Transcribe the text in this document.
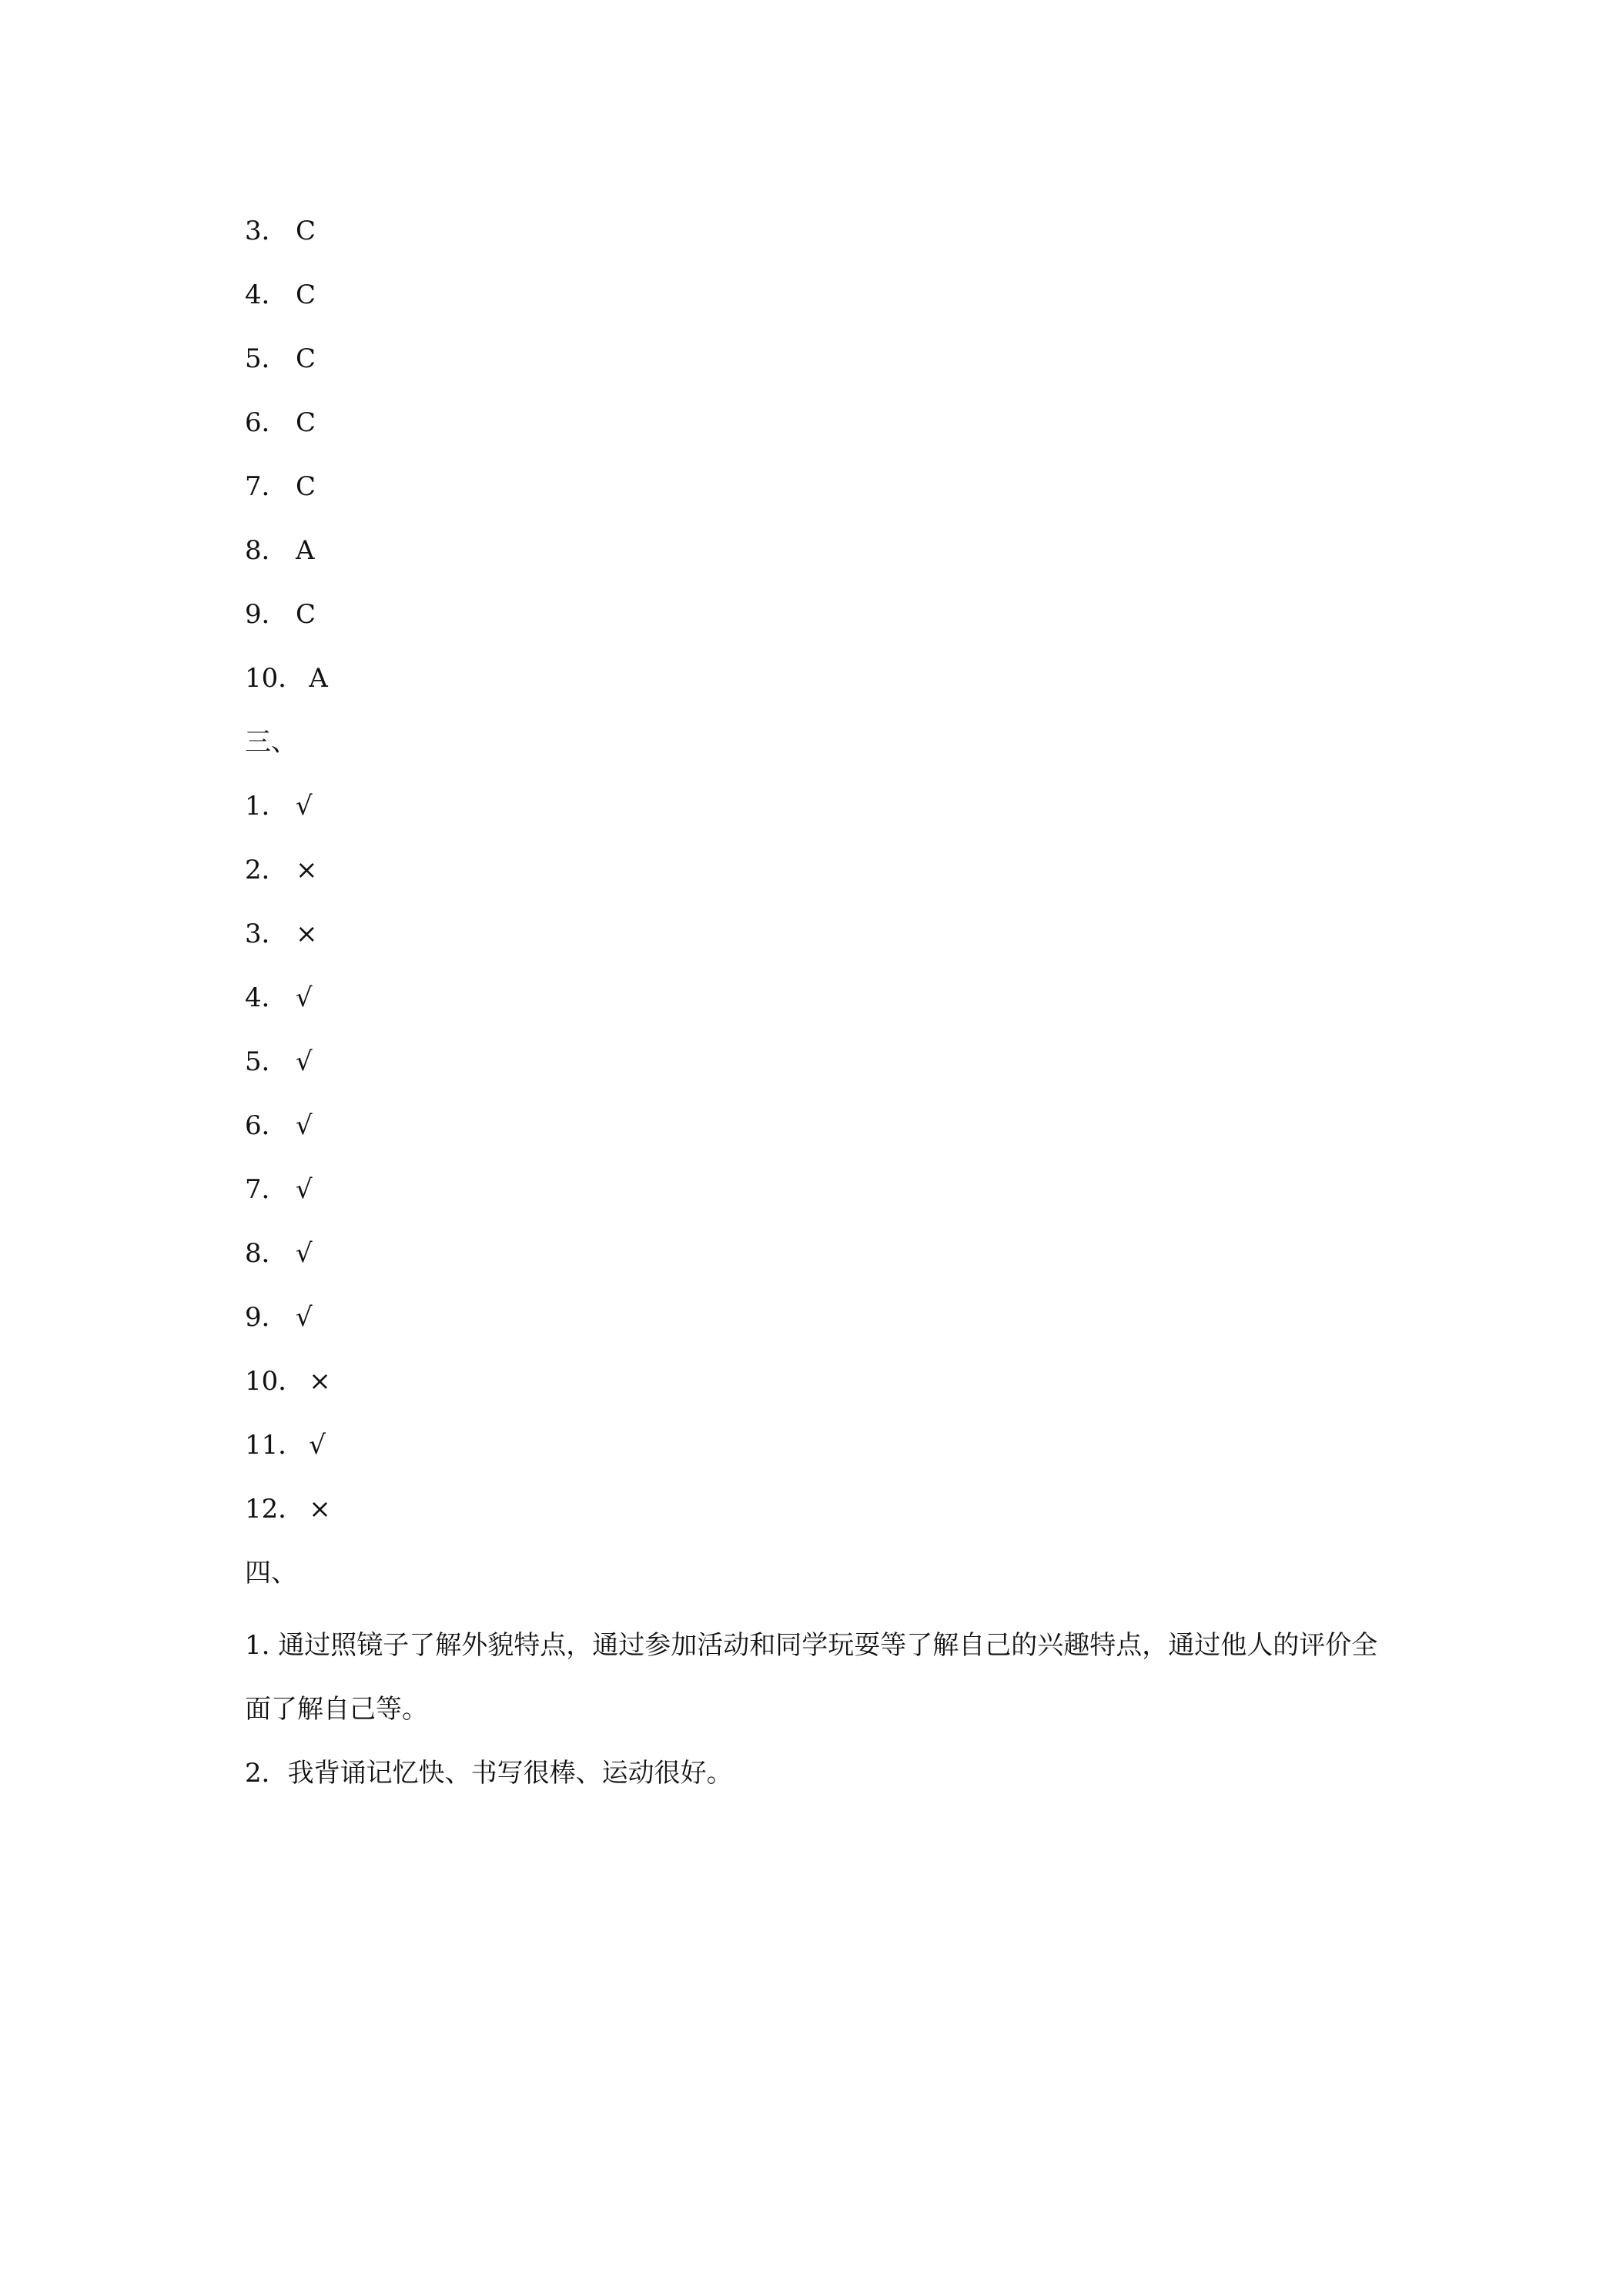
3． C
4． C
5． C
6． C
7． C
8． A
9． C
10． A
三、
1． √
2． ×
3． ×
4． √
5． √
6． √
7． √
8． √
9． √
10． ×
11．√
12． ×
四、
1. 通过照镜子了解外貌特点，通过参加活动和同学玩耍等了解自己的兴趣特点，通过他人的评价全面了解自己等。
2．我背诵记忆快、书写很棒、运动很好。
